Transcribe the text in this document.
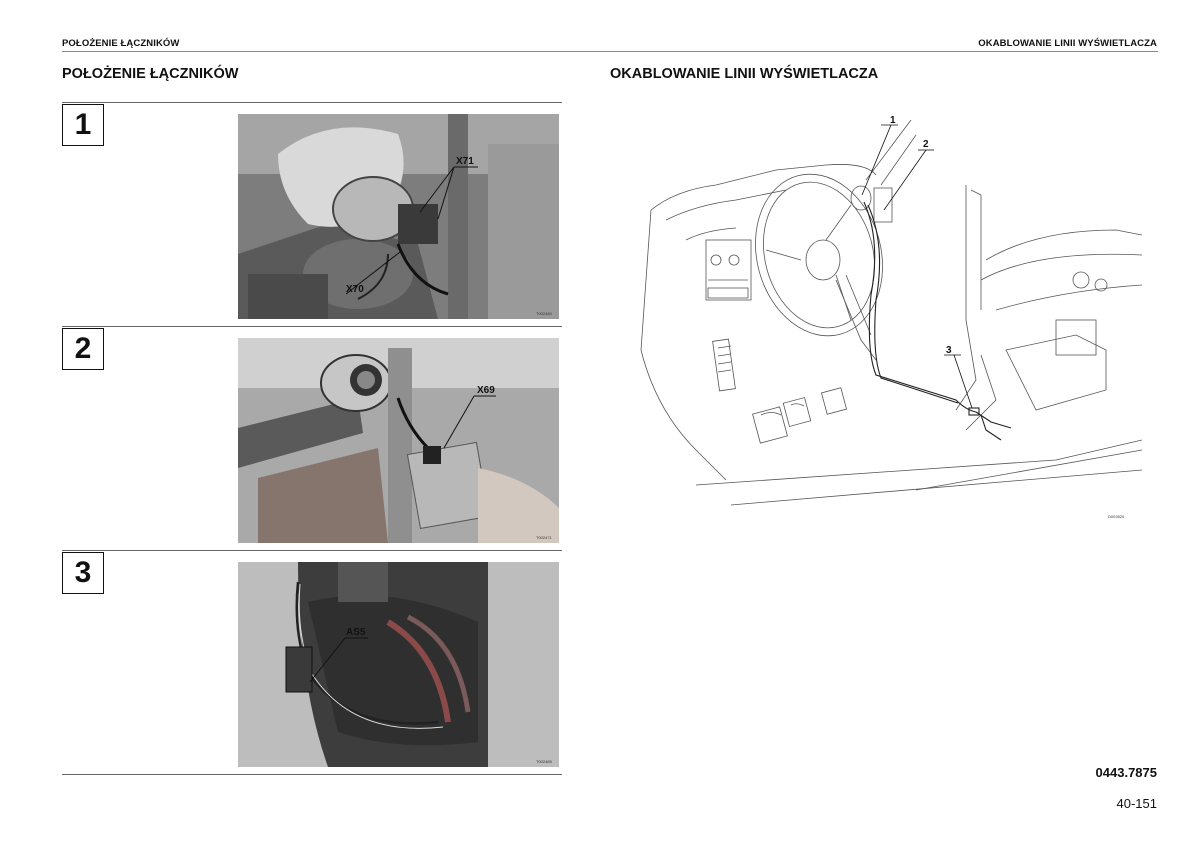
POŁOŻENIE ŁĄCZNIKÓW	OKABLOWANIE LINII WYŚWIETLACZA
POŁOŻENIE ŁĄCZNIKÓW	OKABLOWANIE LINII WYŚWIETLACZA
1
X71
X70
T002460
2
X69
T002471
3
AS5
T002485
1
2
3
D003520
0443.7875
40-151
